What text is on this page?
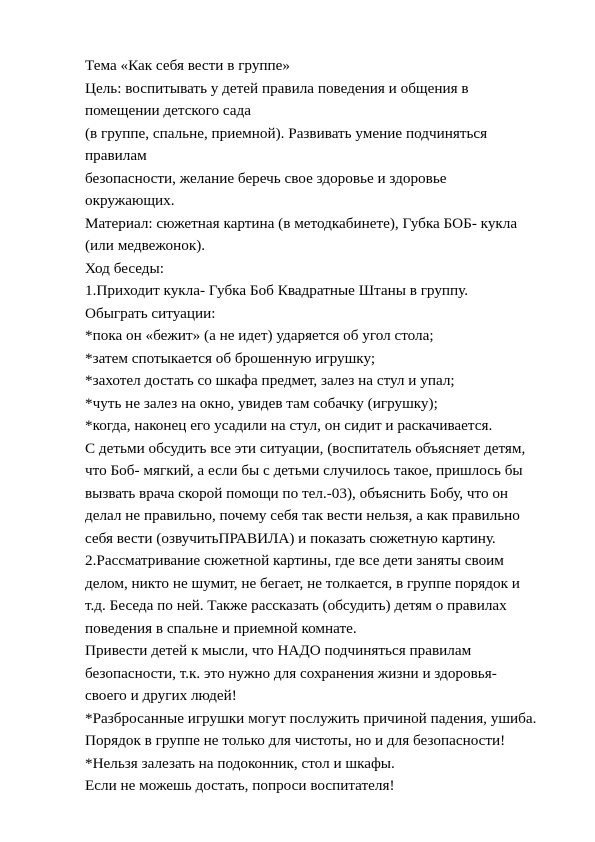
Тема «Как себя вести в группе»
Цель: воспитывать у детей правила поведения и общения в
помещении детского сада
(в группе, спальне, приемной). Развивать умение подчиняться
правилам
безопасности, желание беречь свое здоровье и здоровье
окружающих.
Материал: сюжетная картина (в методкабинете), Губка БОБ- кукла
(или медвежонок).
Ход беседы:
1.Приходит кукла- Губка Боб Квадратные Штаны в группу.
Обыграть ситуации:
*пока он «бежит» (а не идет) ударяется об угол стола;
*затем спотыкается об брошенную игрушку;
*захотел достать со шкафа предмет, залез на стул и упал;
*чуть не залез на окно, увидев там собачку (игрушку);
*когда, наконец его усадили на стул, он сидит и раскачивается.
С детьми обсудить все эти ситуации, (воспитатель объясняет детям,
что Боб- мягкий, а если бы с детьми случилось такое, пришлось бы
вызвать врача скорой помощи по тел.-03), объяснить Бобу, что он
делал не правильно, почему себя так вести нельзя, а как правильно
себя вести (озвучитьПРАВИЛА) и показать сюжетную картину.
2.Рассматривание сюжетной картины, где все дети заняты своим
делом, никто не шумит, не бегает, не толкается, в группе порядок и
т.д. Беседа по ней. Также рассказать (обсудить) детям о правилах
поведения в спальне и приемной комнате.
Привести детей к мысли, что НАДО подчиняться правилам
безопасности, т.к. это нужно для сохранения жизни и здоровья-
своего и других людей!
*Разбросанные игрушки могут послужить причиной падения, ушиба.
Порядок в группе не только для чистоты, но и для безопасности!
*Нельзя залезать на подоконник, стол и шкафы.
Если не можешь достать, попроси воспитателя!
